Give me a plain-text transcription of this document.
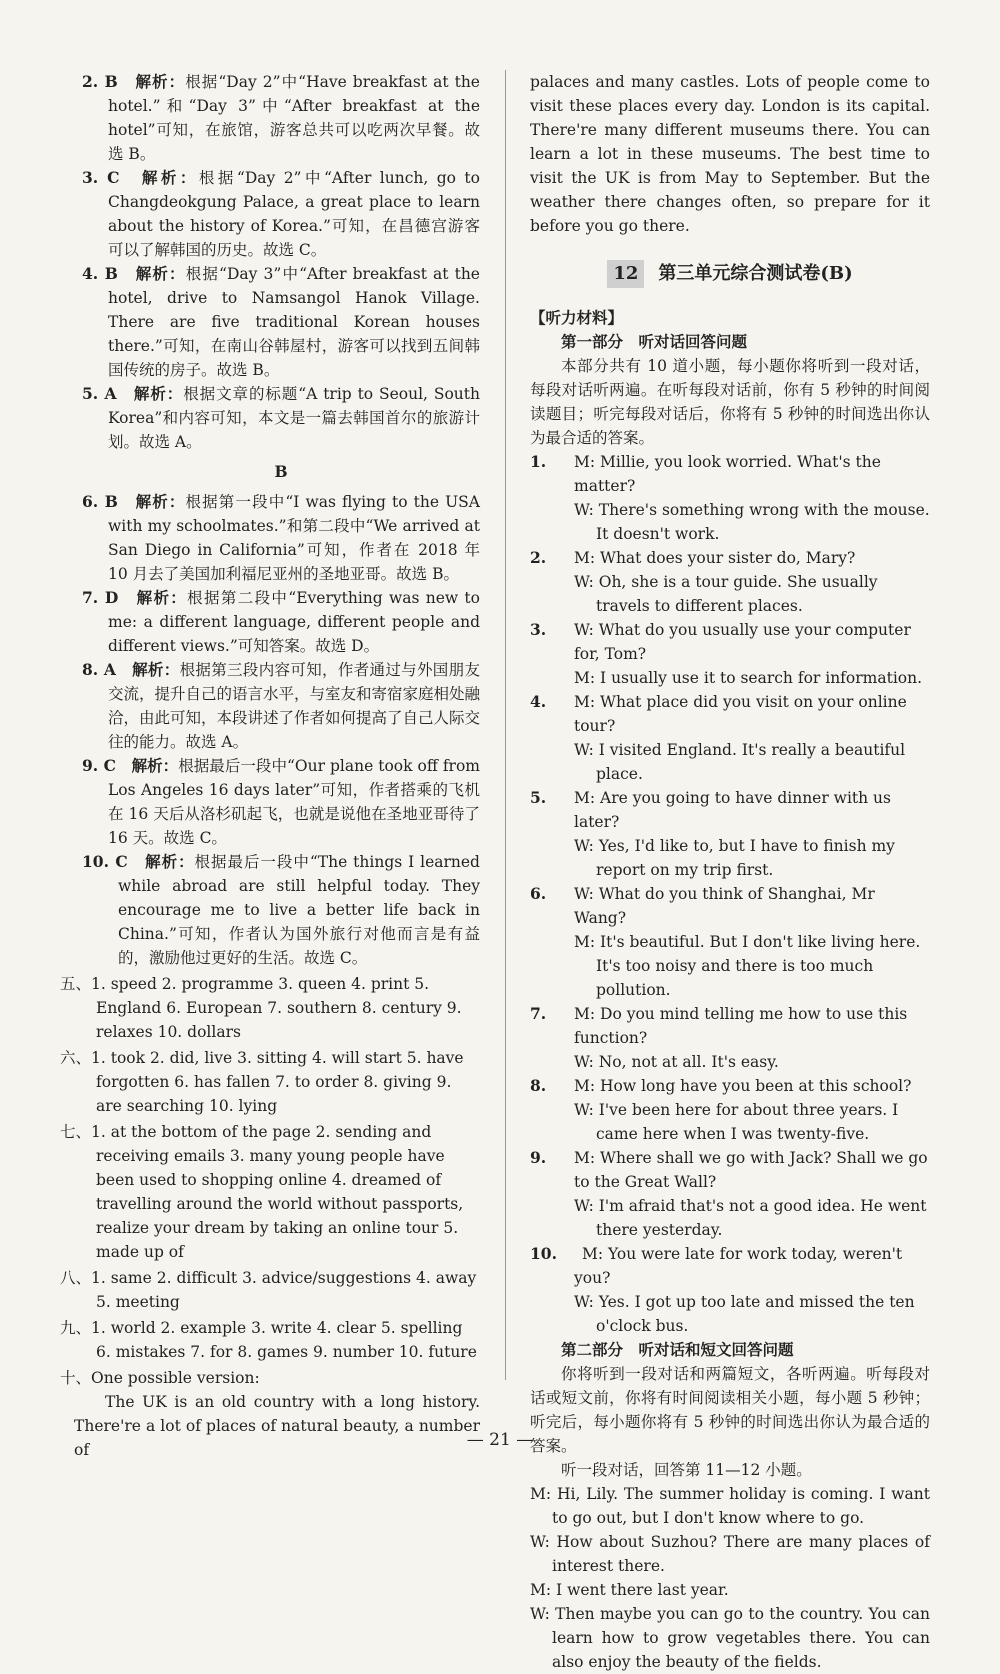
2. B　 解析：根据“Day 2”中“Have breakfast at the hotel.”和“Day 3”中“After breakfast at the hotel”可知，在旅馆，游客总共可以吃两次早餐。故选 B。

3. C　 解析：根据“Day 2”中“After lunch, go to Changdeokgung Palace, a great place to learn about the history of Korea.”可知，在昌德宫游客可以了解韩国的历史。故选 C。

4. B　 解析：根据“Day 3”中“After breakfast at the hotel, drive to Namsangol Hanok Village. There are five traditional Korean houses there.”可知，在南山谷韩屋村，游客可以找到五间韩国传统的房子。故选 B。

5. A　 解析：根据文章的标题“A trip to Seoul, South Korea”和内容可知，本文是一篇去韩国首尔的旅游计划。故选 A。

B

6. B　 解析：根据第一段中“I was flying to the USA with my schoolmates.”和第二段中“We arrived at San Diego in California”可知，作者在 2018 年 10 月去了美国加利福尼亚州的圣地亚哥。故选 B。

7. D　 解析：根据第二段中“Everything was new to me: a different language, different people and different views.”可知答案。故选 D。

8. A　 解析：根据第三段内容可知，作者通过与外国朋友交流，提升自己的语言水平，与室友和寄宿家庭相处融洽，由此可知，本段讲述了作者如何提高了自己人际交往的能力。故选 A。

9. C　 解析：根据最后一段中“Our plane took off from Los Angeles 16 days later”可知，作者搭乘的飞机在 16 天后从洛杉矶起飞，也就是说他在圣地亚哥待了 16 天。故选 C。

10. C　 解析：根据最后一段中“The things I learned while abroad are still helpful today. They encourage me to live a better life back in China.”可知，作者认为国外旅行对他而言是有益的，激励他过更好的生活。故选 C。

五、1. speed 2. programme 3. queen 4. print 5. England 6. European 7. southern 8. century 9. relaxes 10. dollars

六、1. took 2. did, live 3. sitting 4. will start 5. have forgotten 6. has fallen 7. to order 8. giving 9. are searching 10. lying

七、1. at the bottom of the page 2. sending and receiving emails 3. many young people have been used to shopping online 4. dreamed of travelling around the world without passports, realize your dream by taking an online tour 5. made up of

八、1. same 2. difficult 3. advice/suggestions 4. away 5. meeting

九、1. world 2. example 3. write 4. clear 5. spelling 6. mistakes 7. for 8. games 9. number 10. future

十、One possible version:

The UK is an old country with a long history. There're a lot of places of natural beauty, a number of

palaces and many castles. Lots of people come to visit these places every day. London is its capital. There're many different museums there. You can learn a lot in these museums. The best time to visit the UK is from May to September. But the weather there changes often, so prepare for it before you go there.

12	第三单元综合测试卷(B)

【听力材料】

第一部分　听对话回答问题

本部分共有 10 道小题，每小题你将听到一段对话，每段对话听两遍。在听每段对话前，你有 5 秒钟的时间阅读题目；听完每段对话后，你将有 5 秒钟的时间选出你认为最合适的答案。

1. M: Millie, you look worried. What's the matter?
W: There's something wrong with the mouse. It doesn't work.
2. M: What does your sister do, Mary?
W: Oh, she is a tour guide. She usually travels to different places.
3. W: What do you usually use your computer for, Tom?
M: I usually use it to search for information.
4. M: What place did you visit on your online tour?
W: I visited England. It's really a beautiful place.
5. M: Are you going to have dinner with us later?
W: Yes, I'd like to, but I have to finish my report on my trip first.
6. W: What do you think of Shanghai, Mr Wang?
M: It's beautiful. But I don't like living here. It's too noisy and there is too much pollution.
7. M: Do you mind telling me how to use this function?
W: No, not at all. It's easy.
8. M: How long have you been at this school?
W: I've been here for about three years. I came here when I was twenty-five.
9. M: Where shall we go with Jack? Shall we go to the Great Wall?
W: I'm afraid that's not a good idea. He went there yesterday.
10. M: You were late for work today, weren't you?
W: Yes. I got up too late and missed the ten o'clock bus.

第二部分　听对话和短文回答问题

你将听到一段对话和两篇短文，各听两遍。听每段对话或短文前，你将有时间阅读相关小题，每小题 5 秒钟；听完后，每小题你将有 5 秒钟的时间选出你认为最合适的答案。

听一段对话，回答第 11—12 小题。

M: Hi, Lily. The summer holiday is coming. I want to go out, but I don't know where to go.

W: How about Suzhou? There are many places of interest there.

M: I went there last year.

W: Then maybe you can go to the country. You can learn how to grow vegetables there. You can also enjoy the beauty of the fields.

— 21 —
